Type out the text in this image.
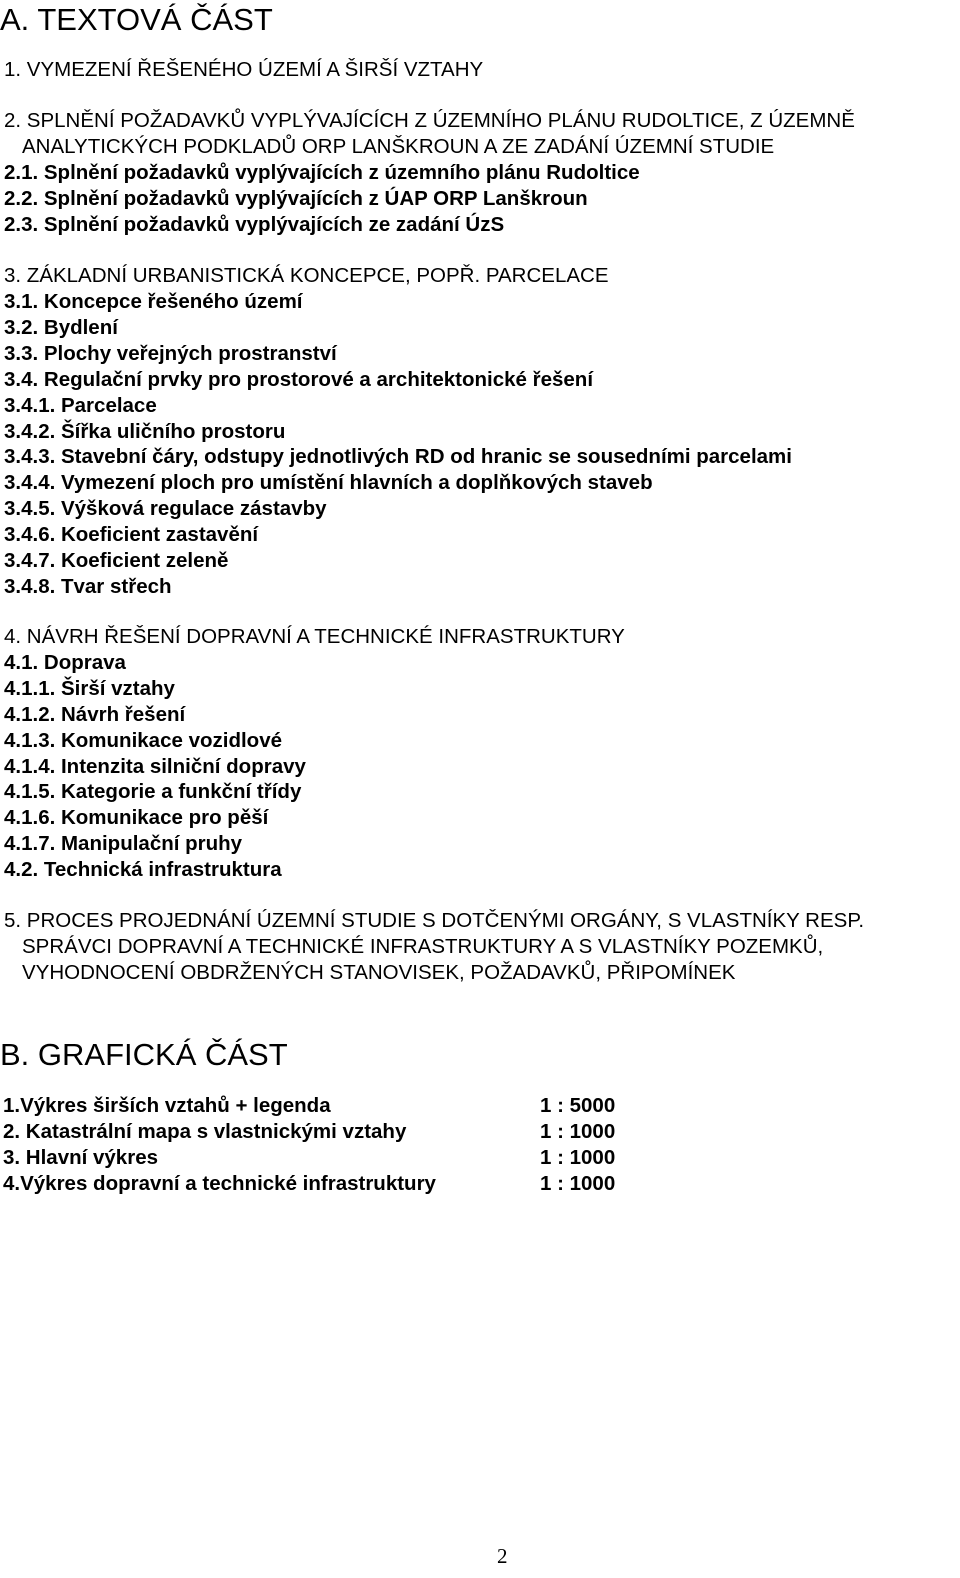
A. TEXTOVÁ ČÁST

1. VYMEZENÍ ŘEŠENÉHO ÚZEMÍ A ŠIRŠÍ VZTAHY

2. SPLNĚNÍ POŽADAVKŮ VYPLÝVAJÍCÍCH Z ÚZEMNÍHO PLÁNU RUDOLTICE, Z ÚZEMNĚ

ANALYTICKÝCH PODKLADŮ ORP LANŠKROUN A ZE ZADÁNÍ ÚZEMNÍ STUDIE

2.1. Splnění požadavků vyplývajících z územního plánu Rudoltice

2.2. Splnění požadavků vyplývajících z ÚAP ORP Lanškroun

2.3. Splnění požadavků vyplývajících ze zadání ÚzS

3. ZÁKLADNÍ URBANISTICKÁ KONCEPCE, POPŘ. PARCELACE

3.1. Koncepce řešeného území

3.2. Bydlení

3.3. Plochy veřejných prostranství

3.4. Regulační prvky pro prostorové a architektonické řešení

3.4.1. Parcelace

3.4.2. Šířka uličního prostoru

3.4.3. Stavební čáry, odstupy jednotlivých RD od hranic se sousedními parcelami

3.4.4. Vymezení ploch pro umístění hlavních a doplňkových staveb

3.4.5. Výšková regulace zástavby

3.4.6. Koeficient zastavění

3.4.7. Koeficient zeleně

3.4.8. Tvar střech

4. NÁVRH ŘEŠENÍ DOPRAVNÍ A TECHNICKÉ INFRASTRUKTURY

4.1. Doprava

4.1.1. Širší vztahy

4.1.2. Návrh řešení

4.1.3. Komunikace vozidlové

4.1.4. Intenzita silniční dopravy

4.1.5. Kategorie a funkční třídy

4.1.6. Komunikace pro pěší

4.1.7. Manipulační pruhy

4.2. Technická infrastruktura

5. PROCES PROJEDNÁNÍ ÚZEMNÍ STUDIE S DOTČENÝMI ORGÁNY, S VLASTNÍKY RESP.

SPRÁVCI DOPRAVNÍ A TECHNICKÉ INFRASTRUKTURY A S VLASTNÍKY POZEMKŮ,

VYHODNOCENÍ OBDRŽENÝCH STANOVISEK, POŽADAVKŮ, PŘIPOMÍNEK

B. GRAFICKÁ ČÁST
1.Výkres širších vztahů + legenda	1 : 5000
2. Katastrální mapa s vlastnickými vztahy	1 : 1000
3. Hlavní výkres	1 : 1000
4.Výkres dopravní a technické infrastruktury	1 : 1000
2
